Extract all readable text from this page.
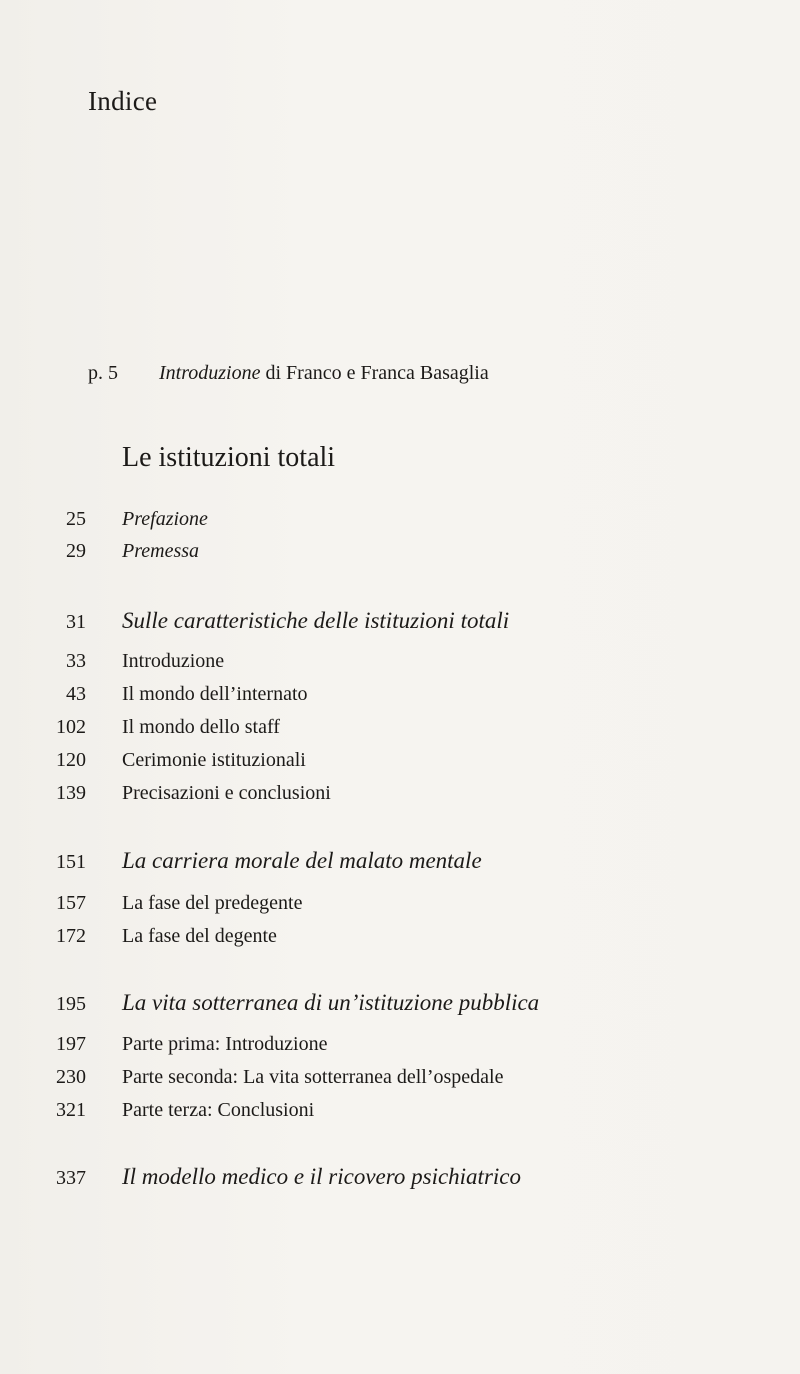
Indice
p. 5 Introduzione di Franco e Franca Basaglia
Le istituzioni totali
25	Prefazione
29	Premessa
31	Sulle caratteristiche delle istituzioni totali
33	Introduzione
43	Il mondo dell’internato
102	Il mondo dello staff
120	Cerimonie istituzionali
139	Precisazioni e conclusioni
151	La carriera morale del malato mentale
157	La fase del predegente
172	La fase del degente
195	La vita sotterranea di un’istituzione pubblica
197	Parte prima: Introduzione
230	Parte seconda: La vita sotterranea dell’ospedale
321	Parte terza: Conclusioni
337	Il modello medico e il ricovero psichiatrico
